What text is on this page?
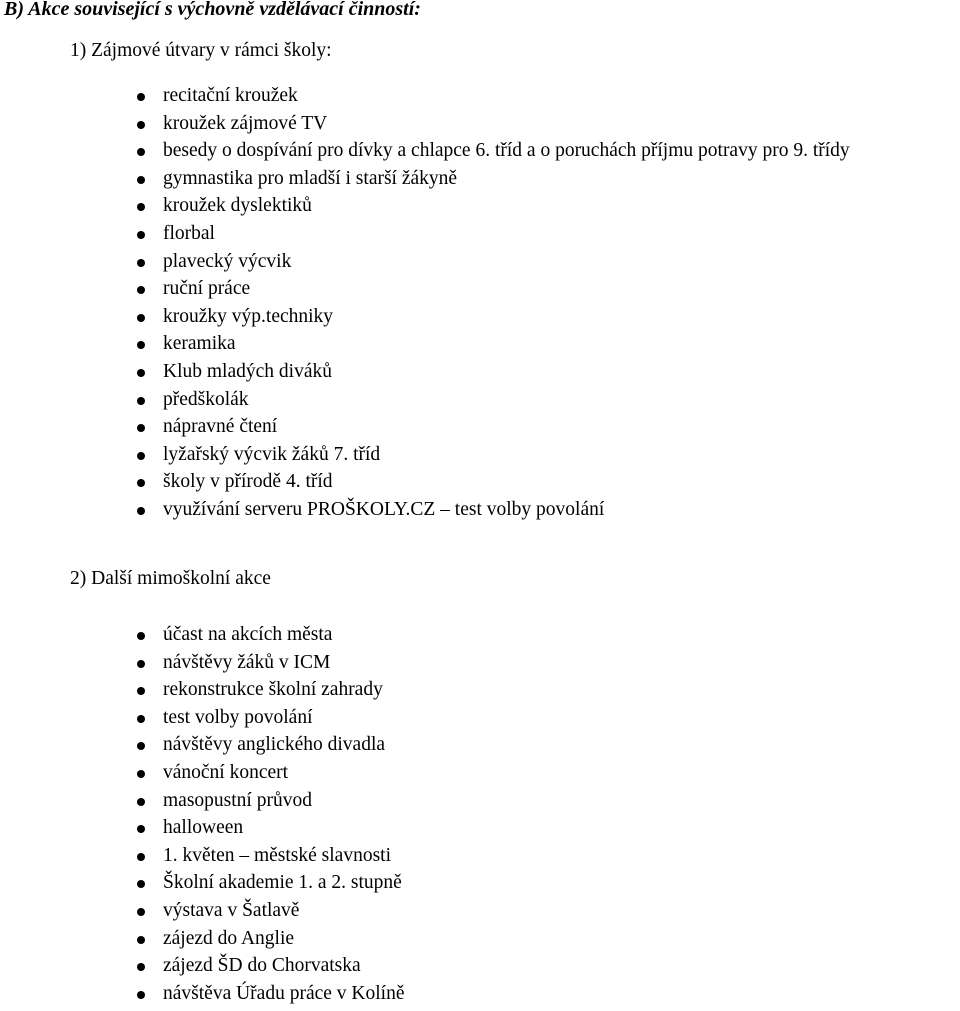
B) Akce související s výchovně vzdělávací činností:
1) Zájmové útvary v rámci školy:
recitační kroužek
kroužek zájmové TV
besedy o dospívání pro dívky a chlapce 6. tříd a o poruchách příjmu potravy pro 9. třídy
gymnastika pro mladší i starší žákyně
kroužek dyslektiků
florbal
plavecký výcvik
ruční práce
kroužky výp.techniky
keramika
Klub mladých diváků
předškolák
nápravné čtení
lyžařský výcvik žáků 7. tříd
školy v přírodě 4. tříd
využívání serveru PROŠKOLY.CZ – test volby povolání
2) Další mimoškolní akce
účast na akcích města
návštěvy žáků v ICM
rekonstrukce školní zahrady
test volby povolání
návštěvy anglického divadla
vánoční koncert
masopustní průvod
halloween
1. květen – městské slavnosti
Školní akademie 1. a 2. stupně
výstava v Šatlavě
zájezd do Anglie
zájezd ŠD do Chorvatska
návštěva Úřadu práce v Kolíně
